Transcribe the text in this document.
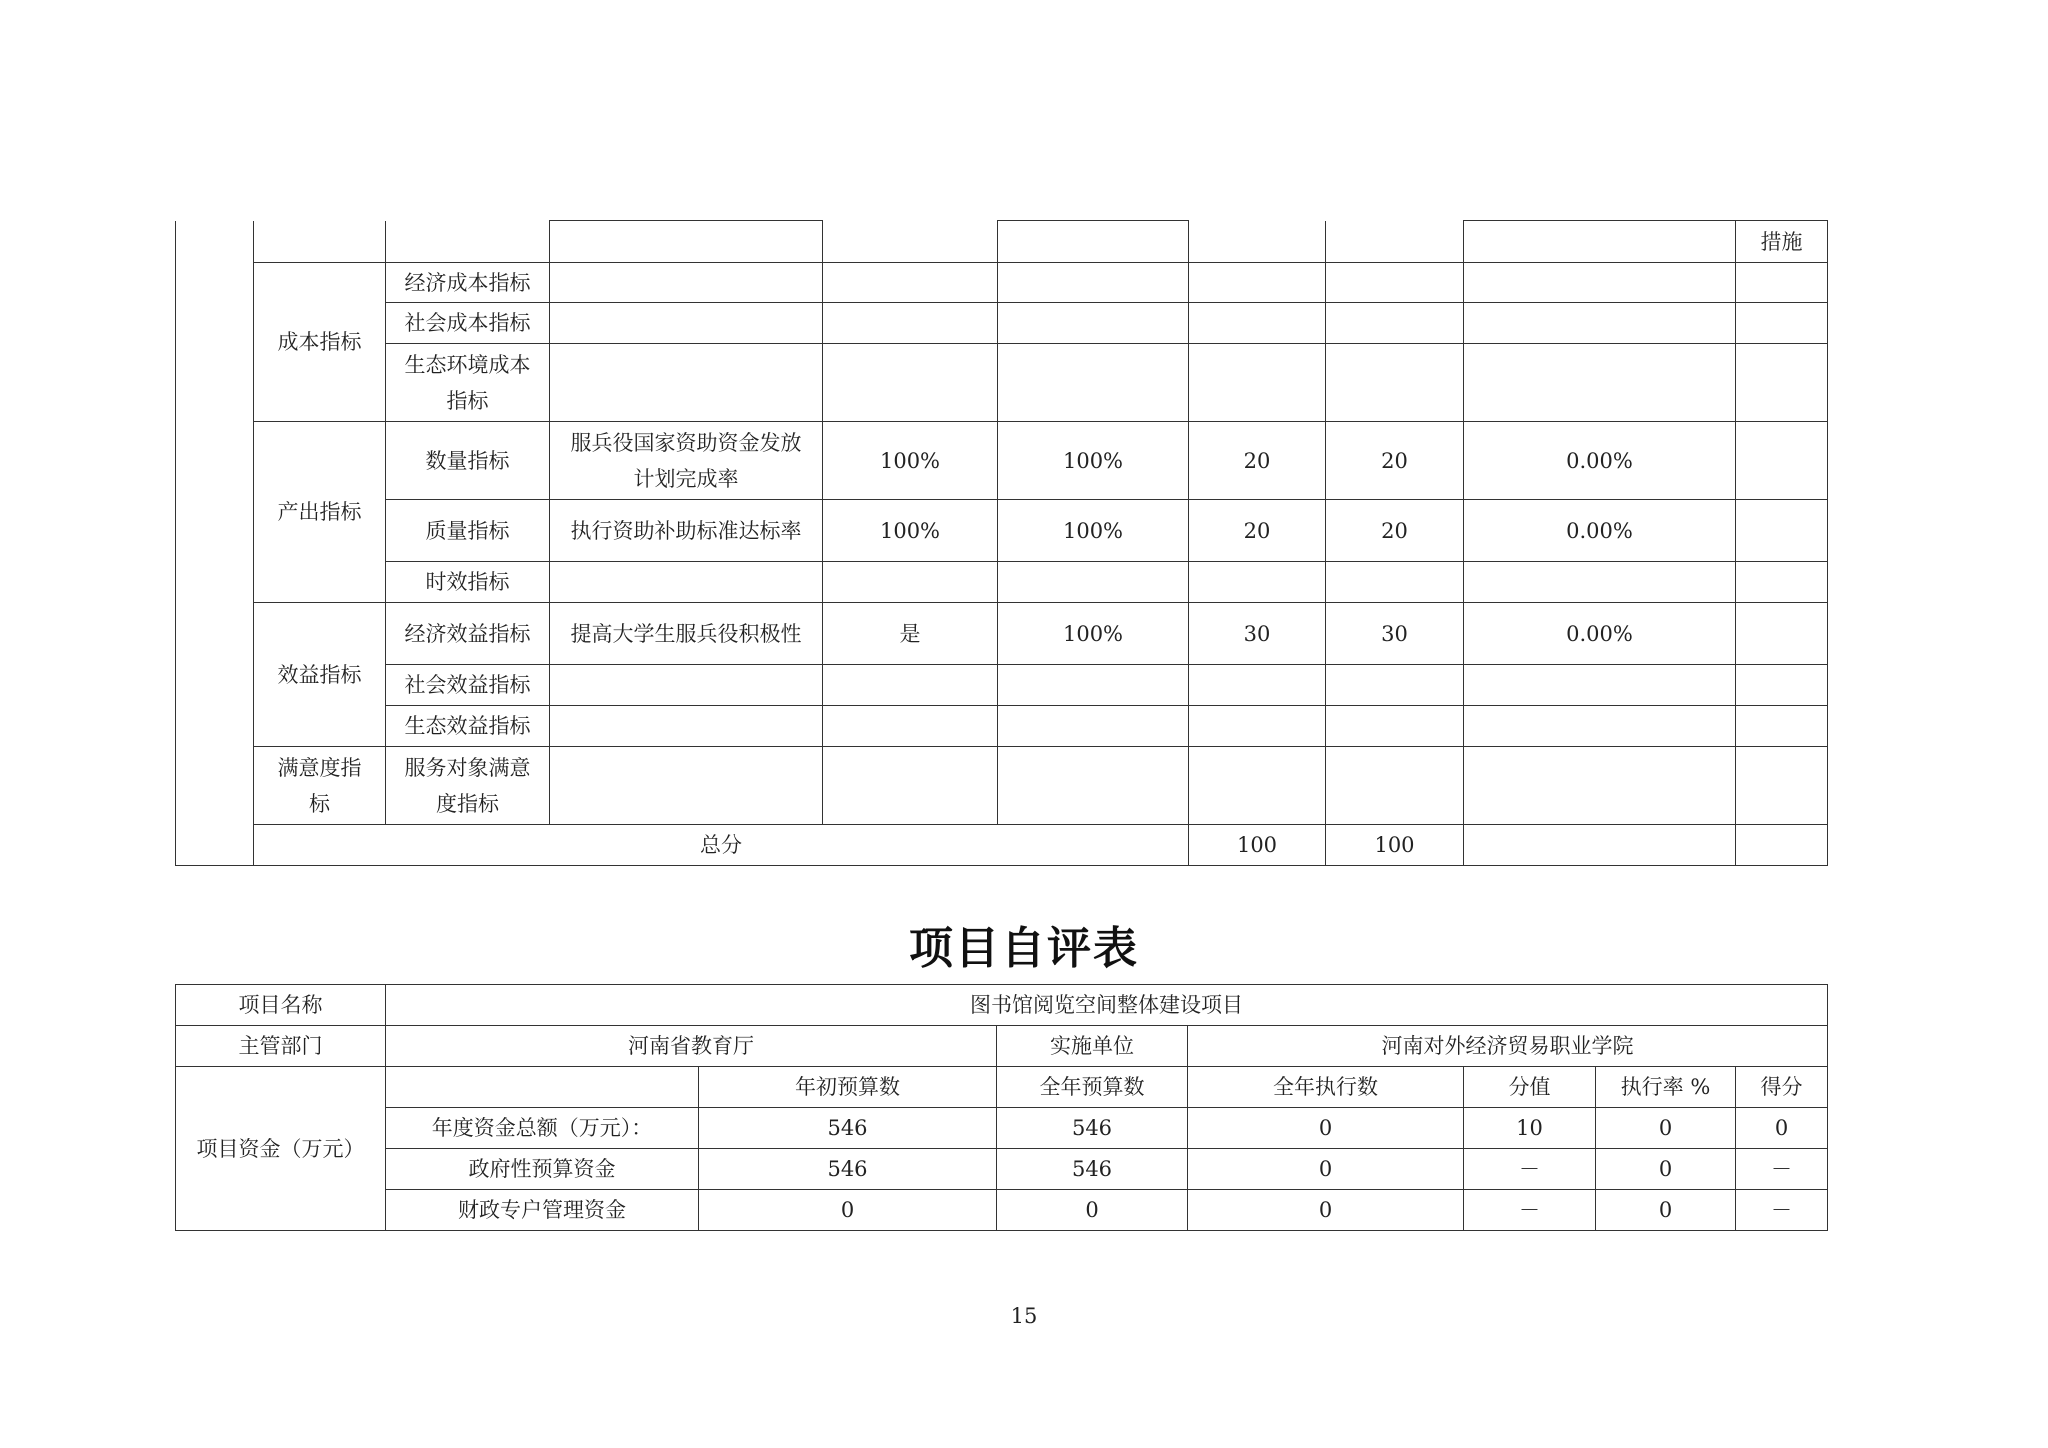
									措施
	成本指标	经济成本指标							
		社会成本指标							
		生态环境成本指标							
	产出指标	数量指标	服兵役国家资助资金发放计划完成率	100%	100%	20	20	0.00%	
		质量指标	执行资助补助标准达标率	100%	100%	20	20	0.00%	
		时效指标							
	效益指标	经济效益指标	提高大学生服兵役积极性	是	100%	30	30	0.00%	
		社会效益指标							
		生态效益指标							
	满意度指标	服务对象满意度指标							
	总分					100	100		
项目自评表
项目名称	图书馆阅览空间整体建设项目						
主管部门	河南省教育厅		实施单位	河南对外经济贸易职业学院			
项目资金（万元）		年初预算数	全年预算数	全年执行数	分值	执行率 %	得分
	年度资金总额（万元）：	546	546	0	10	0	0
	政府性预算资金	546	546	0	－	0	－
	财政专户管理资金	0	0	0	－	0	－
15
